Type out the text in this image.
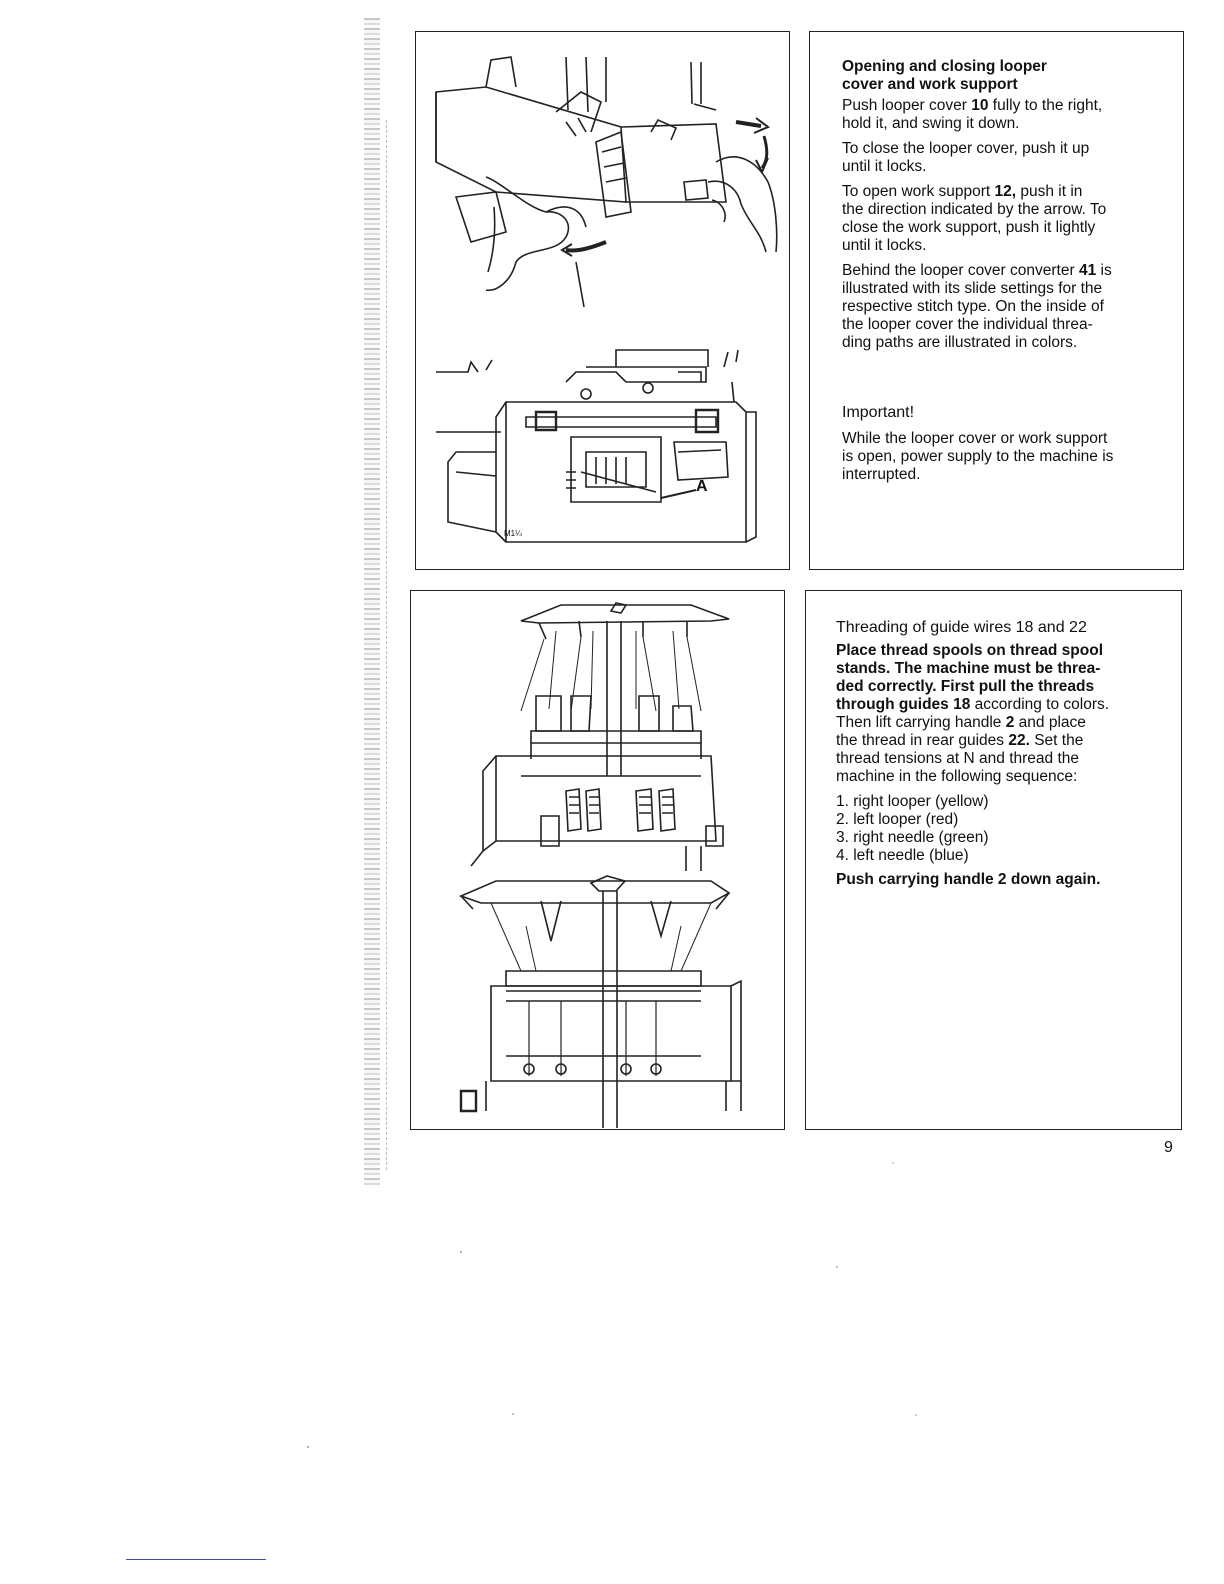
A
M1¼
Opening and closing looper
cover and work support

Push looper cover 10 fully to the right,
hold it, and swing it down.

To close the looper cover, push it up
until it locks.

To open work support 12, push it in
the direction indicated by the arrow. To
close the work support, push it lightly
until it locks.

Behind the looper cover converter 41 is
illustrated with its slide settings for the
respective stitch type. On the inside of
the looper cover the individual threa-
ding paths are illustrated in colors.

Important!

While the looper cover or work support
is open, power supply to the machine is
interrupted.

Threading of guide wires 18 and 22

Place thread spools on thread spool
stands. The machine must be threa-
ded correctly. First pull the threads
through guides 18 according to colors.
Then lift carrying handle 2 and place
the thread in rear guides 22. Set the
thread tensions at N and thread the
machine in the following sequence:

1. right looper (yellow)
2. left looper (red)
3. right needle (green)
4. left needle (blue)

Push carrying handle 2 down again.

9
